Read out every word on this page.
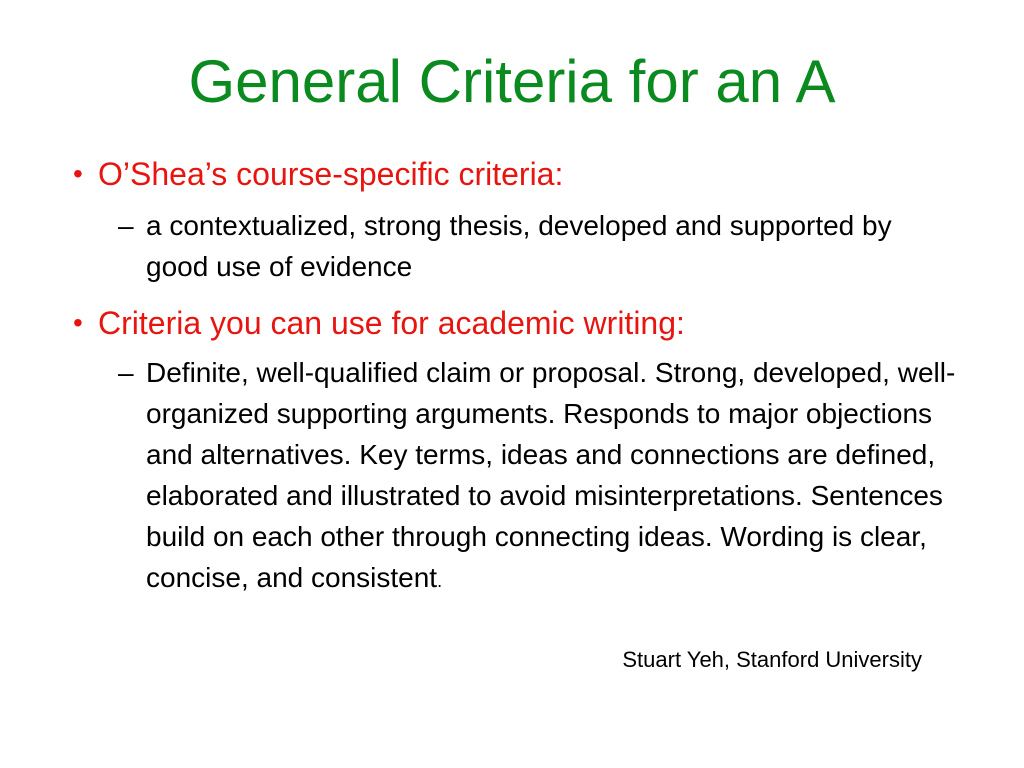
General Criteria for an A
• O’Shea’s course-specific criteria:
– a contextualized, strong thesis, developed and supported by good use of evidence
• Criteria you can use for academic writing:
– Definite, well-qualified claim or proposal. Strong, developed, well-organized supporting arguments. Responds to major objections and alternatives. Key terms, ideas and connections are defined, elaborated and illustrated to avoid misinterpretations. Sentences build on each other through connecting ideas. Wording is clear, concise, and consistent.
Stuart Yeh, Stanford University
